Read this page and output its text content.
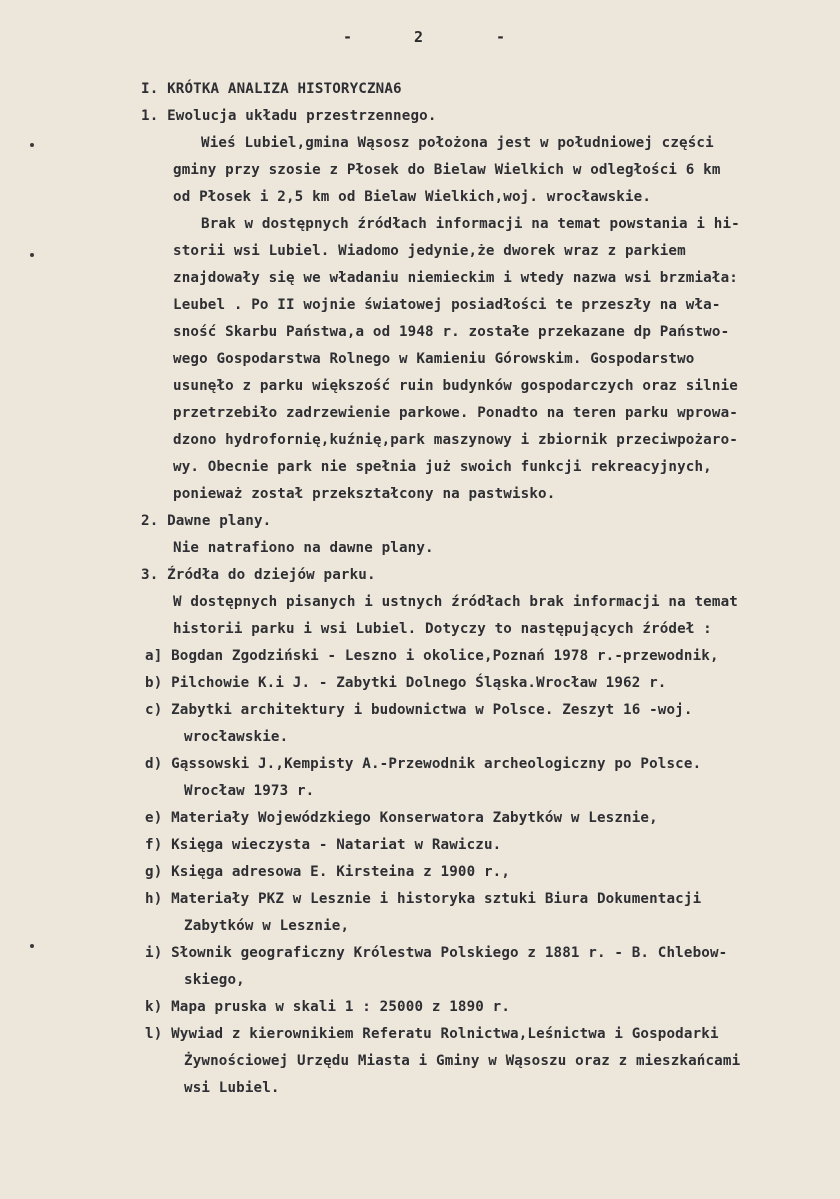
-	2	-
I. KRÓTKA ANALIZA HISTORYCZNA6
1. Ewolucja układu przestrzennego.
Wieś Lubiel,gmina Wąsosz położona jest w południowej części
gminy przy szosie z Płosek do Bielaw Wielkich w odległości 6 km
od Płosek i 2,5 km od Bielaw Wielkich,woj. wrocławskie.
Brak w dostępnych źródłach informacji na temat powstania i hi-
storii wsi Lubiel. Wiadomo jedynie,że dworek wraz z parkiem
znajdowały się we władaniu niemieckim i wtedy nazwa wsi brzmiała:
Leubel . Po II wojnie światowej posiadłości te przeszły na wła-
sność Skarbu Państwa,a od 1948 r. zostałe przekazane dp Państwo-
wego Gospodarstwa Rolnego w Kamieniu Górowskim. Gospodarstwo
usunęło z parku większość ruin budynków gospodarczych oraz silnie
przetrzebiło zadrzewienie parkowe. Ponadto na teren parku wprowa-
dzono hydrofornię,kuźnię,park maszynowy i zbiornik przeciwpożaro-
wy. Obecnie park nie spełnia już swoich funkcji rekreacyjnych,
ponieważ został przekształcony na pastwisko.
2. Dawne plany.
Nie natrafiono na dawne plany.
3. Źródła do dziejów parku.
W dostępnych pisanych i ustnych źródłach brak informacji na temat
historii parku i wsi Lubiel. Dotyczy to następujących źródeł :
a] Bogdan Zgodziński - Leszno i okolice,Poznań 1978 r.-przewodnik,
b) Pilchowie K.i J. - Zabytki Dolnego Śląska.Wrocław 1962 r.
c) Zabytki architektury i budownictwa w Polsce. Zeszyt 16 -woj.
wrocławskie.
d) Gąssowski J.,Kempisty A.-Przewodnik archeologiczny po Polsce.
Wrocław 1973 r.
e) Materiały Wojewódzkiego Konserwatora Zabytków w Lesznie,
f) Księga wieczysta - Natariat w Rawiczu.
g) Księga adresowa E. Kirsteina z 1900 r.,
h) Materiały PKZ w Lesznie i historyka sztuki Biura Dokumentacji
Zabytków w Lesznie,
i) Słownik geograficzny Królestwa Polskiego z 1881 r. - B. Chlebow-
skiego,
k) Mapa pruska w skali 1 : 25000 z 1890 r.
l) Wywiad z kierownikiem Referatu Rolnictwa,Leśnictwa i Gospodarki
Żywnościowej Urzędu Miasta i Gminy w Wąsoszu oraz z mieszkańcami
wsi Lubiel.
